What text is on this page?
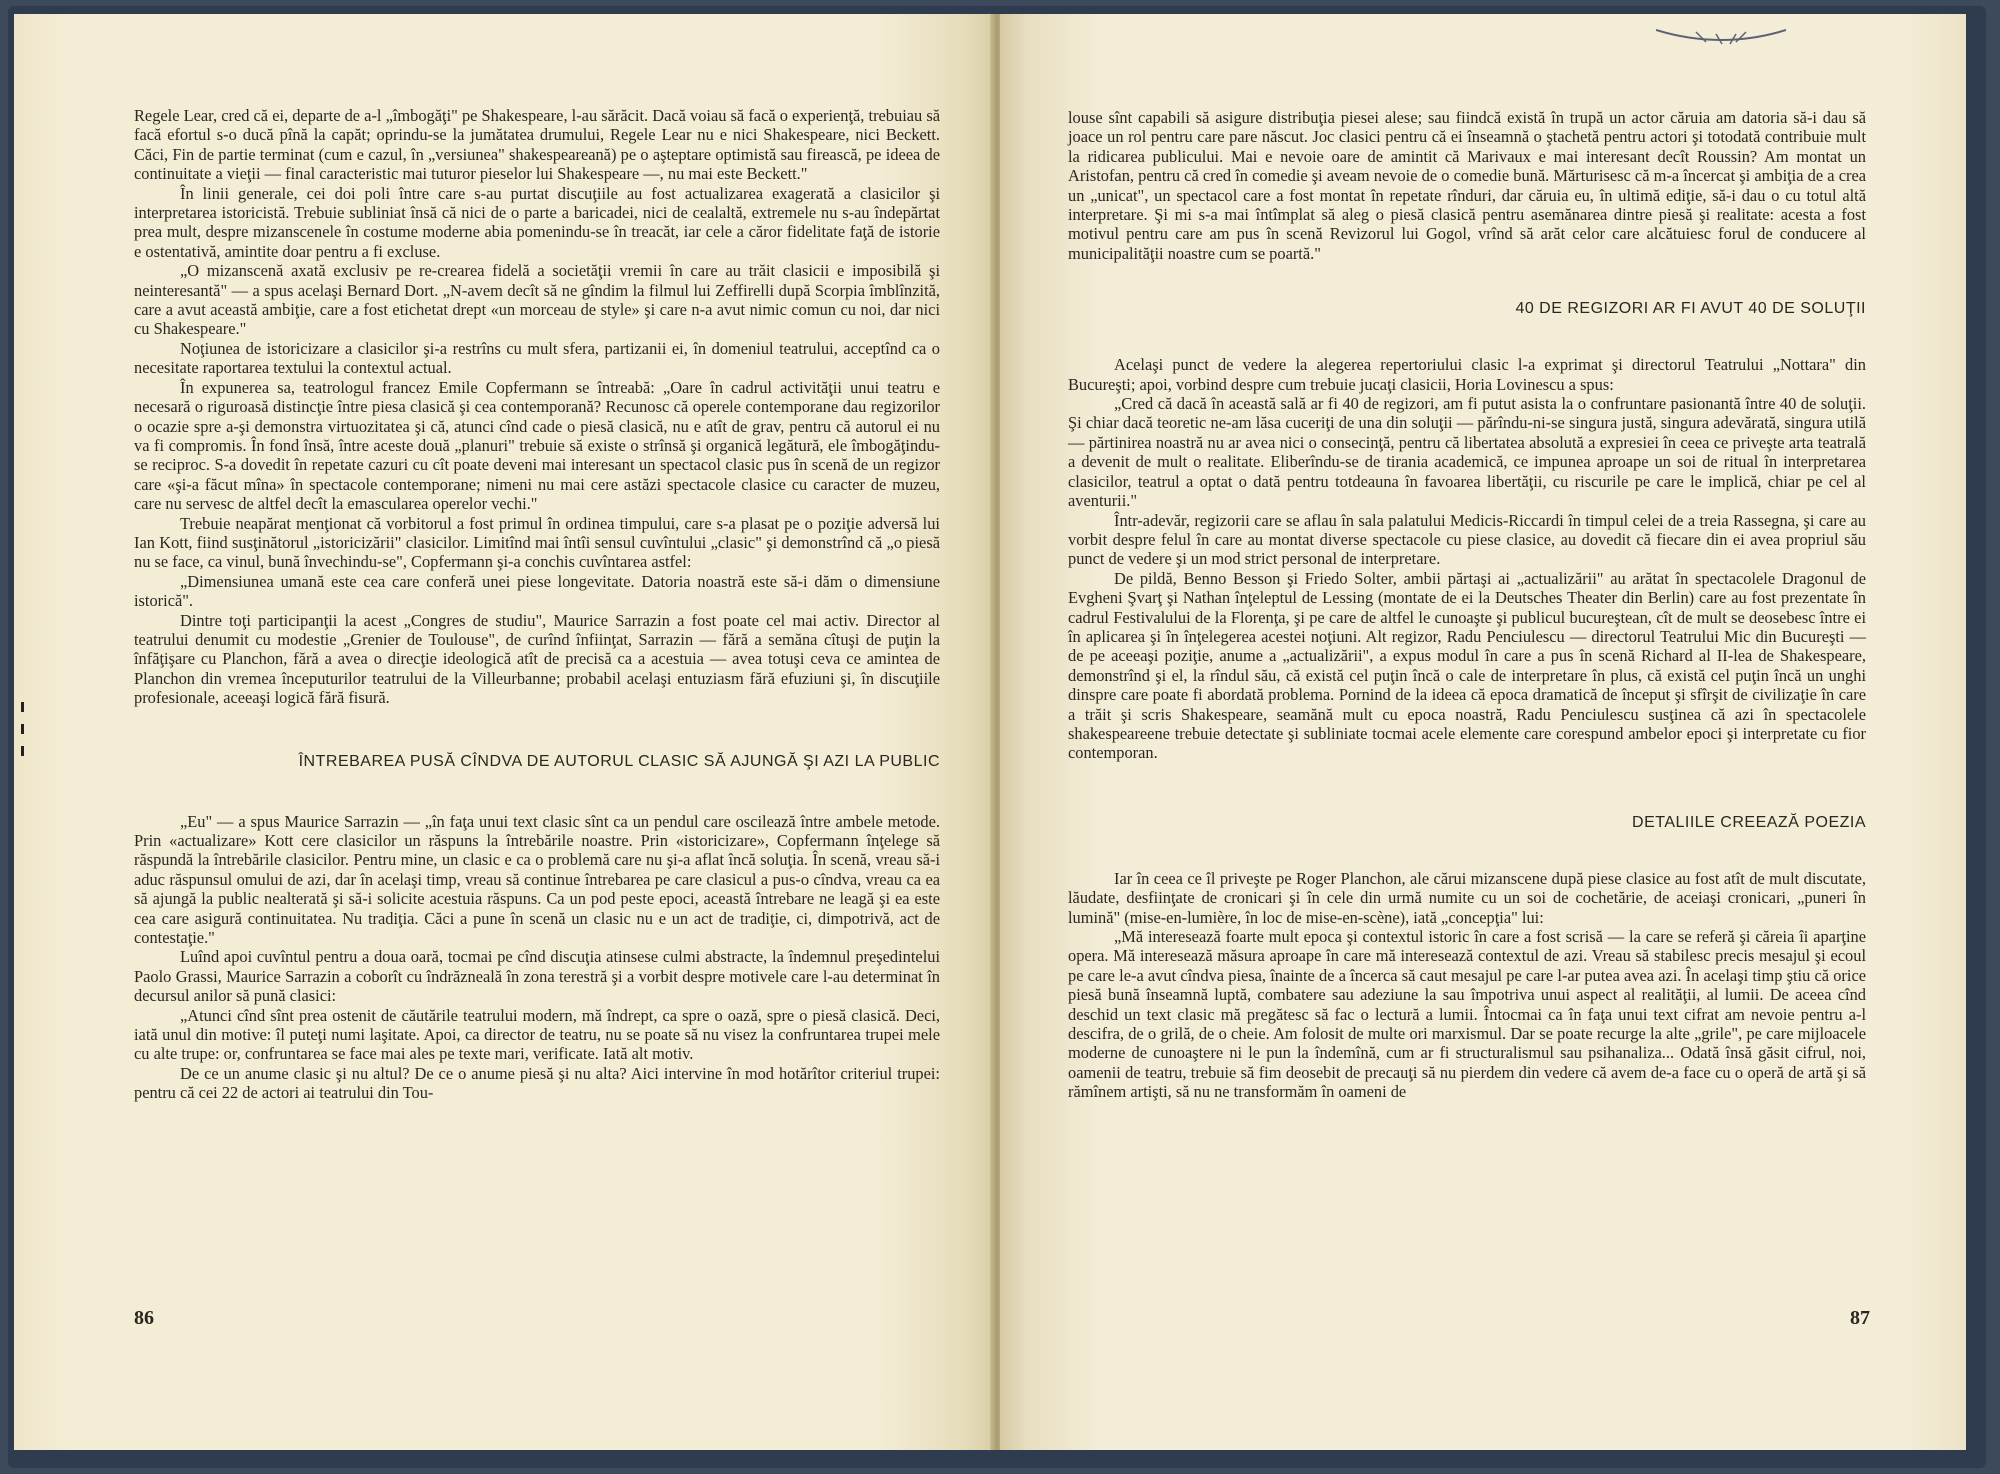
Regele Lear, cred că ei, departe de a-l „îmbogăţi" pe Shakespeare, l-au sărăcit. Dacă voiau să facă o experienţă, trebuiau să facă efortul s-o ducă pînă la capăt; oprindu-se la jumătatea drumului, Regele Lear nu e nici Shakespeare, nici Beckett. Căci, Fin de partie terminat (cum e cazul, în „versiunea" shakespeareană) pe o aşteptare optimistă sau firească, pe ideea de continuitate a vieţii — final caracteristic mai tuturor pieselor lui Shakespeare —, nu mai este Beckett."

În linii generale, cei doi poli între care s-au purtat discuţiile au fost actualizarea exagerată a clasicilor şi interpretarea istoricistă. Trebuie subliniat însă că nici de o parte a baricadei, nici de cealaltă, extremele nu s-au îndepărtat prea mult, despre mizanscenele în costume moderne abia pomenindu-se în treacăt, iar cele a căror fidelitate faţă de istorie e ostentativă, amintite doar pentru a fi excluse.

„O mizanscenă axată exclusiv pe re-crearea fidelă a societăţii vremii în care au trăit clasicii e imposibilă şi neinteresantă" — a spus acelaşi Bernard Dort. „N-avem decît să ne gîndim la filmul lui Zeffirelli după Scorpia îmblînzită, care a avut această ambiţie, care a fost etichetat drept «un morceau de style» şi care n-a avut nimic comun cu noi, dar nici cu Shakespeare."

Noţiunea de istoricizare a clasicilor şi-a restrîns cu mult sfera, partizanii ei, în domeniul teatrului, acceptînd ca o necesitate raportarea textului la contextul actual.

În expunerea sa, teatrologul francez Emile Copfermann se întreabă: „Oare în cadrul activităţii unui teatru e necesară o riguroasă distincţie între piesa clasică şi cea contemporană? Recunosc că operele contemporane dau regizorilor o ocazie spre a-şi demonstra virtuozitatea şi că, atunci cînd cade o piesă clasică, nu e atît de grav, pentru că autorul ei nu va fi compromis. În fond însă, între aceste două „planuri" trebuie să existe o strînsă şi organică legătură, ele îmbogăţindu-se reciproc. S-a dovedit în repetate cazuri cu cît poate deveni mai interesant un spectacol clasic pus în scenă de un regizor care «şi-a făcut mîna» în spectacole contemporane; nimeni nu mai cere astăzi spectacole clasice cu caracter de muzeu, care nu servesc de altfel decît la emascularea operelor vechi."

Trebuie neapărat menţionat că vorbitorul a fost primul în ordinea timpului, care s-a plasat pe o poziţie adversă lui Ian Kott, fiind susţinătorul „istoricizării" clasicilor. Limitînd mai întîi sensul cuvîntului „clasic" şi demonstrînd că „o piesă nu se face, ca vinul, bună învechindu-se", Copfermann şi-a conchis cuvîntarea astfel:

„Dimensiunea umană este cea care conferă unei piese longevitate. Datoria noastră este să-i dăm o dimensiune istorică".

Dintre toţi participanţii la acest „Congres de studiu", Maurice Sarrazin a fost poate cel mai activ. Director al teatrului denumit cu modestie „Grenier de Toulouse", de curînd înfiinţat, Sarrazin — fără a semăna cîtuşi de puţin la înfăţişare cu Planchon, fără a avea o direcţie ideologică atît de precisă ca a acestuia — avea totuşi ceva ce aminteа de Planchon din vremea începuturilor teatrului de la Villeurbanne; probabil acelaşi entuziasm fără efuziuni şi, în discuţiile profesionale, aceeaşi logică fără fisură.

ÎNTREBAREA PUSĂ CÎNDVA DE AUTORUL CLASIC SĂ AJUNGĂ ŞI AZI LA PUBLIC

„Eu" — a spus Maurice Sarrazin — „în faţa unui text clasic sînt ca un pendul care oscilează între ambele metode. Prin «actualizare» Kott cere clasicilor un răspuns la întrebările noastre. Prin «istoricizare», Copfermann înţelege să răspundă la întrebările clasicilor. Pentru mine, un clasic e ca o problemă care nu şi-a aflat încă soluţia. În scenă, vreau să-i aduc răspunsul omului de azi, dar în acelaşi timp, vreau să continue întrebarea pe care clasicul a pus-o cîndva, vreau ca ea să ajungă la public nealterată şi să-i solicite acestuia răspuns. Ca un pod peste epoci, această întrebare ne leagă şi ea este cea care asigură continuitatea. Nu tradiţia. Căci a pune în scenă un clasic nu e un act de tradiţie, ci, dimpotrivă, act de contestaţie."

Luînd apoi cuvîntul pentru a doua oară, tocmai pe cînd discuţia atinsese culmi abstracte, la îndemnul preşedintelui Paolo Grassi, Maurice Sarrazin a coborît cu îndrăzneală în zona terestră şi a vorbit despre motivele care l-au determinat în decursul anilor să pună clasici:

„Atunci cînd sînt prea ostenit de căutările teatrului modern, mă îndrept, ca spre o oază, spre o piesă clasică. Deci, iată unul din motive: îl puteţi numi laşitate. Apoi, ca director de teatru, nu se poate să nu visez la confruntarea trupei mele cu alte trupe: or, confruntarea se face mai ales pe texte mari, verificate. Iată alt motiv.

De ce un anume clasic şi nu altul? De ce o anume piesă şi nu alta? Aici intervine în mod hotărîtor criteriul trupei: pentru că cei 22 de actori ai teatrului din Tou-

86

louse sînt capabili să asigure distribuţia piesei alese; sau fiindcă există în trupă un actor căruia am datoria să-i dau să joace un rol pentru care pare născut. Joc clasici pentru că ei înseamnă o ştachetă pentru actori şi totodată contribuie mult la ridicarea publicului. Mai e nevoie oare de amintit că Marivaux e mai interesant decît Roussin? Am montat un Aristofan, pentru că cred în comedie şi aveam nevoie de o comedie bună. Mărturisesc că m-a încercat şi ambiţia de a crea un „unicat", un spectacol care a fost montat în repetate rînduri, dar căruia eu, în ultimă ediţie, să-i dau o cu totul altă interpretare. Şi mi s-a mai întîmplat să aleg o piesă clasică pentru asemănarea dintre piesă şi realitate: acesta a fost motivul pentru care am pus în scenă Revizorul lui Gogol, vrînd să arăt celor care alcătuiesc forul de conducere al municipalităţii noastre cum se poartă."

40 DE REGIZORI AR FI AVUT 40 DE SOLUŢII

Acelaşi punct de vedere la alegerea repertoriului clasic l-a exprimat şi directorul Teatrului „Nottara" din Bucureşti; apoi, vorbind despre cum trebuie jucaţi clasicii, Horia Lovinescu a spus:

„Cred că dacă în această sală ar fi 40 de regizori, am fi putut asista la o confruntare pasionantă între 40 de soluţii. Şi chiar dacă teoretic ne-am lăsa cuceriţi de una din soluţii — părîndu-ni-se singura justă, singura adevărată, singura utilă — părtinirea noastră nu ar avea nici o consecinţă, pentru că libertatea absolută a expresiei în ceea ce priveşte arta teatrală a devenit de mult o realitate. Eliberîndu-se de tirania academică, ce impunea aproape un soi de ritual în interpretarea clasicilor, teatrul a optat o dată pentru totdeauna în favoarea libertăţii, cu riscurile pe care le implică, chiar pe cel al aventurii."

Într-adevăr, regizorii care se aflau în sala palatului Medicis-Riccardi în timpul celei de a treia Rassegna, şi care au vorbit despre felul în care au montat diverse spectacole cu piese clasice, au dovedit că fiecare din ei avea propriul său punct de vedere şi un mod strict personal de interpretare.

De pildă, Benno Besson şi Friedo Solter, ambii părtaşi ai „actualizării" au arătat în spectacolele Dragonul de Evgheni Şvarţ şi Nathan înţeleptul de Lessing (montate de ei la Deutsches Theater din Berlin) care au fost prezentate în cadrul Festivalului de la Florenţa, şi pe care de altfel le cunoaşte şi publicul bucureştean, cît de mult se deosebesc între ei în aplicarea şi în înţelegerea acestei noţiuni. Alt regizor, Radu Penciulescu — directorul Teatrului Mic din Bucureşti — de pe aceeaşi poziţie, anume a „actualizării", a expus modul în care a pus în scenă Richard al II-lea de Shakespeare, demonstrînd şi el, la rîndul său, că există cel puţin încă o cale de interpretare în plus, că există cel puţin încă un unghi dinspre care poate fi abordată problema. Pornind de la ideea că epoca dramatică de început şi sfîrşit de civilizaţie în care a trăit şi scris Shakespeare, seamănă mult cu epoca noastră, Radu Penciulescu susţinea că azi în spectacolele shakespeareene trebuie detectate şi subliniate tocmai acele elemente care corespund ambelor epoci şi interpretate cu fior contemporan.

DETALIILE CREEAZĂ POEZIA

Iar în ceea ce îl priveşte pe Roger Planchon, ale cărui mizanscene după piese clasice au fost atît de mult discutate, lăudate, desfiinţate de cronicari şi în cele din urmă numite cu un soi de cochetărie, de aceiaşi cronicari, „puneri în lumină" (mise-en-lumière, în loc de mise-en-scène), iată „concepţia" lui:

„Mă interesează foarte mult epoca şi contextul istoric în care a fost scrisă — la care se referă şi căreia îi aparţine opera. Mă interesează măsura aproape în care mă interesează contextul de azi. Vreau să stabilesc precis mesajul şi ecoul pe care le-a avut cîndva piesa, înainte de a încerca să caut mesajul pe care l-ar putea avea azi. În acelaşi timp ştiu că orice piesă bună înseamnă luptă, combatere sau adeziune la sau împotriva unui aspect al realităţii, al lumii. De aceea cînd deschid un text clasic mă pregătesc să fac o lectură a lumii. Întocmai ca în faţa unui text cifrat am nevoie pentru a-l descifra, de o grilă, de o cheie. Am folosit de multe ori marxismul. Dar se poate recurge la alte „grile", pe care mijloacele moderne de cunoaştere ni le pun la îndemînă, cum ar fi structuralismul sau psihanaliza... Odată însă găsit cifrul, noi, oamenii de teatru, trebuie să fim deosebit de precauţi să nu pierdem din vedere că avem de-a face cu o operă de artă şi să rămînem artişti, să nu ne transformăm în oameni de

87
